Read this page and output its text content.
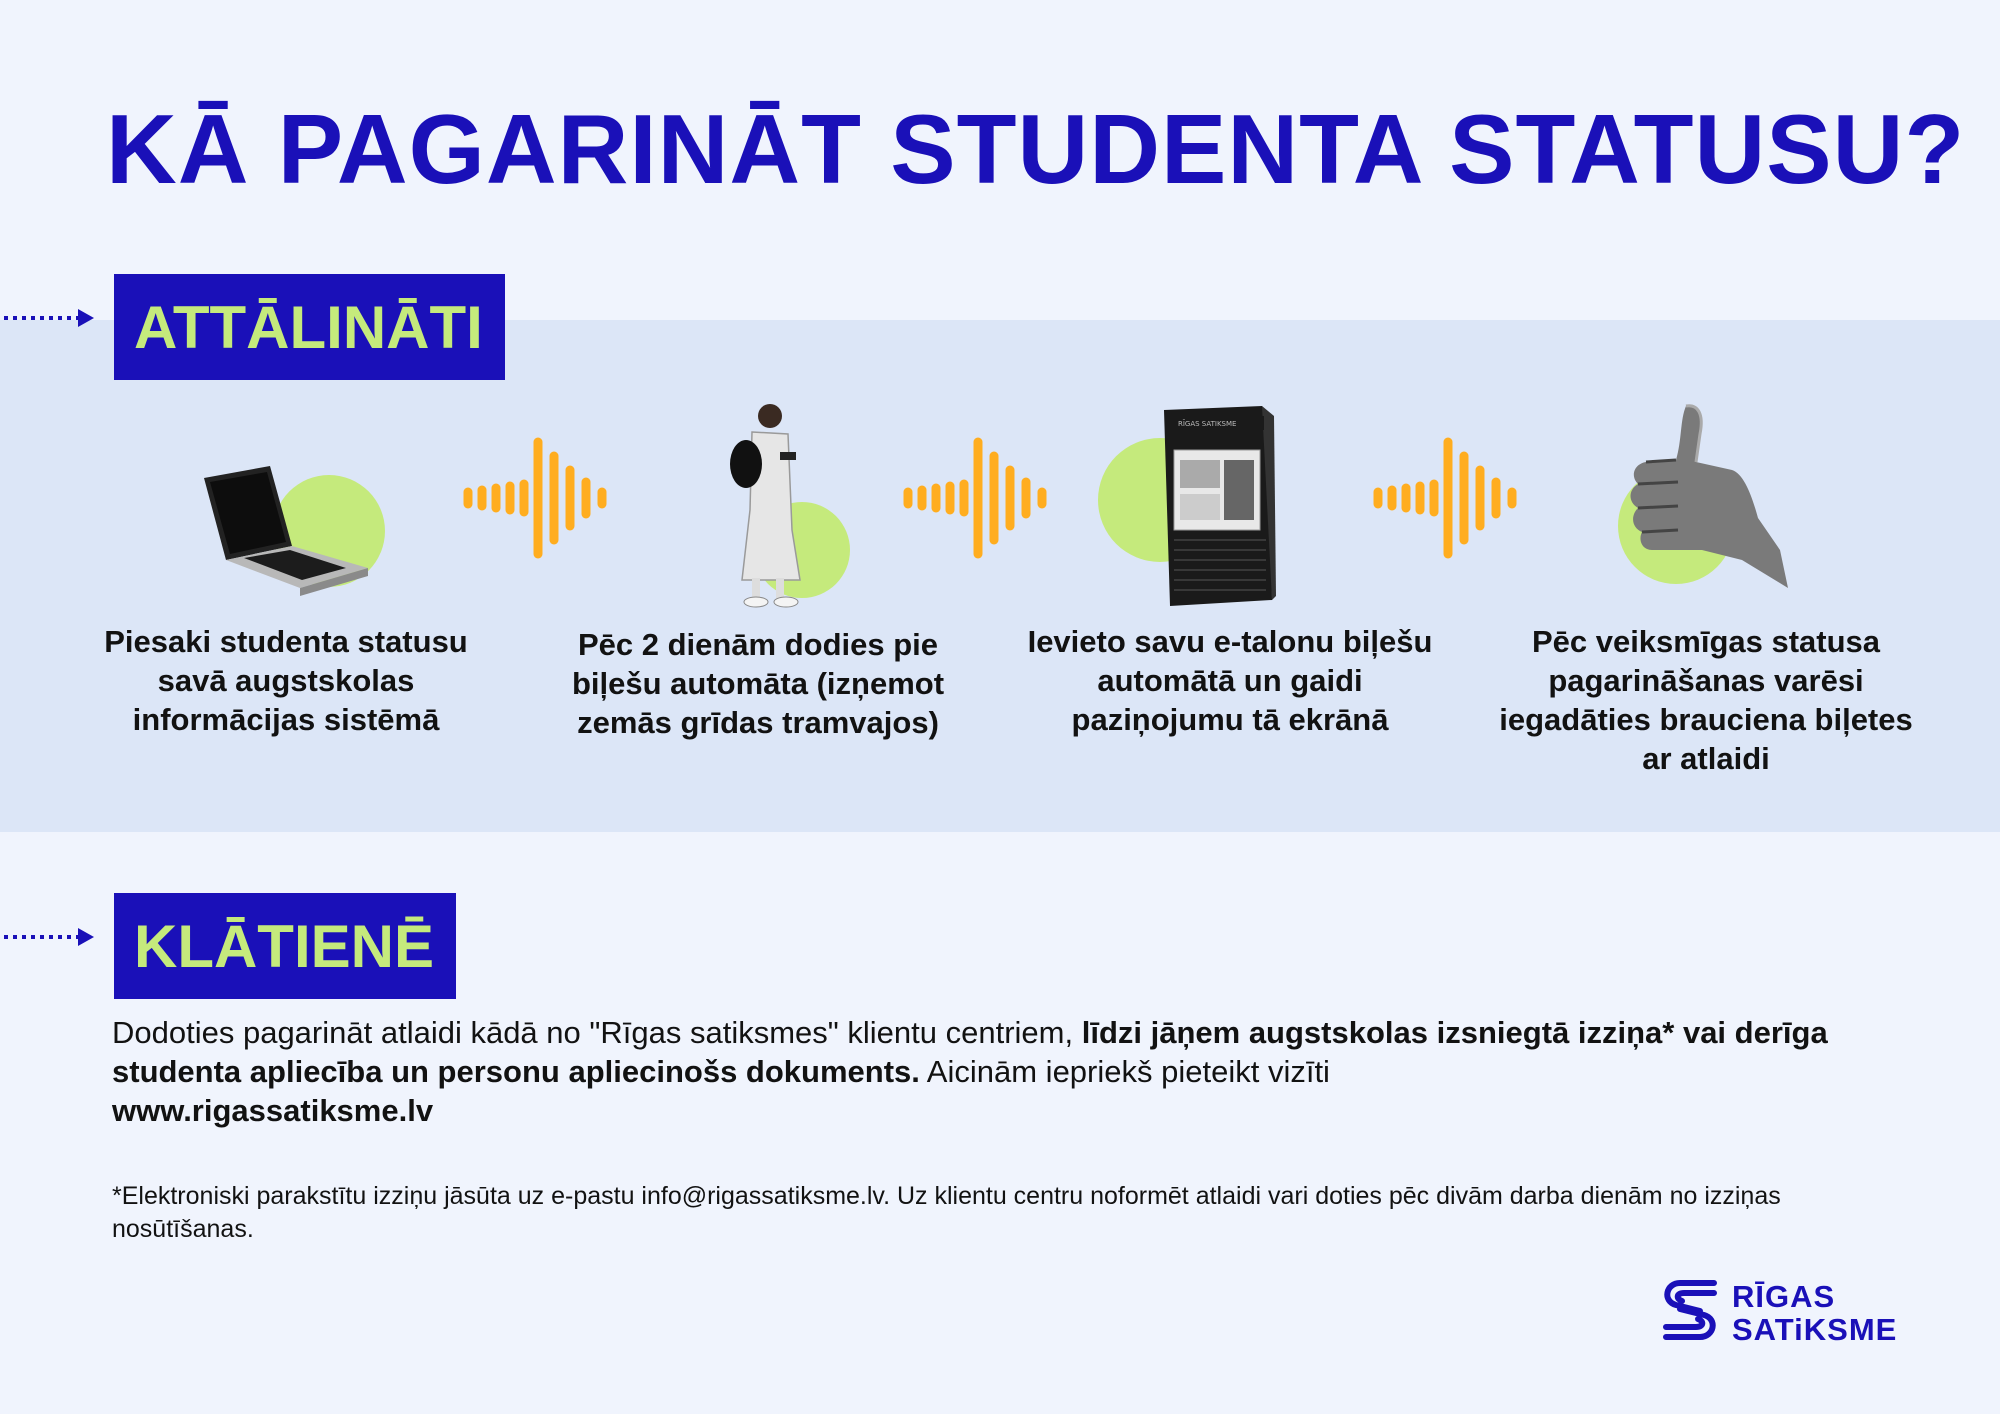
KĀ PAGARINĀT STUDENTA STATUSU?
ATTĀLINĀTI
RĪGAS SATIKSME

Piesaki studenta statusu savā augstskolas informācijas sistēmā

Pēc 2 dienām dodies pie biļešu automāta (izņemot zemās grīdas tramvajos)

Ievieto savu e-talonu biļešu automātā un gaidi paziņojumu tā ekrānā

Pēc veiksmīgas statusa pagarināšanas varēsi iegadāties brauciena biļetes ar atlaidi

KLĀTIENĒ

Dodoties pagarināt atlaidi kādā no "Rīgas satiksmes" klientu centriem, līdzi jāņem augstskolas izsniegtā izziņa* vai derīga studenta apliecība un personu apliecinošs dokuments. Aicinām iepriekš pieteikt vizīti
www.rigassatiksme.lv

*Elektroniski parakstītu izziņu jāsūta uz e-pastu info@rigassatiksme.lv. Uz klientu centru noformēt atlaidi vari doties pēc divām darba dienām no izziņas nosūtīšanas.

RĪGAS
SATiKSME
